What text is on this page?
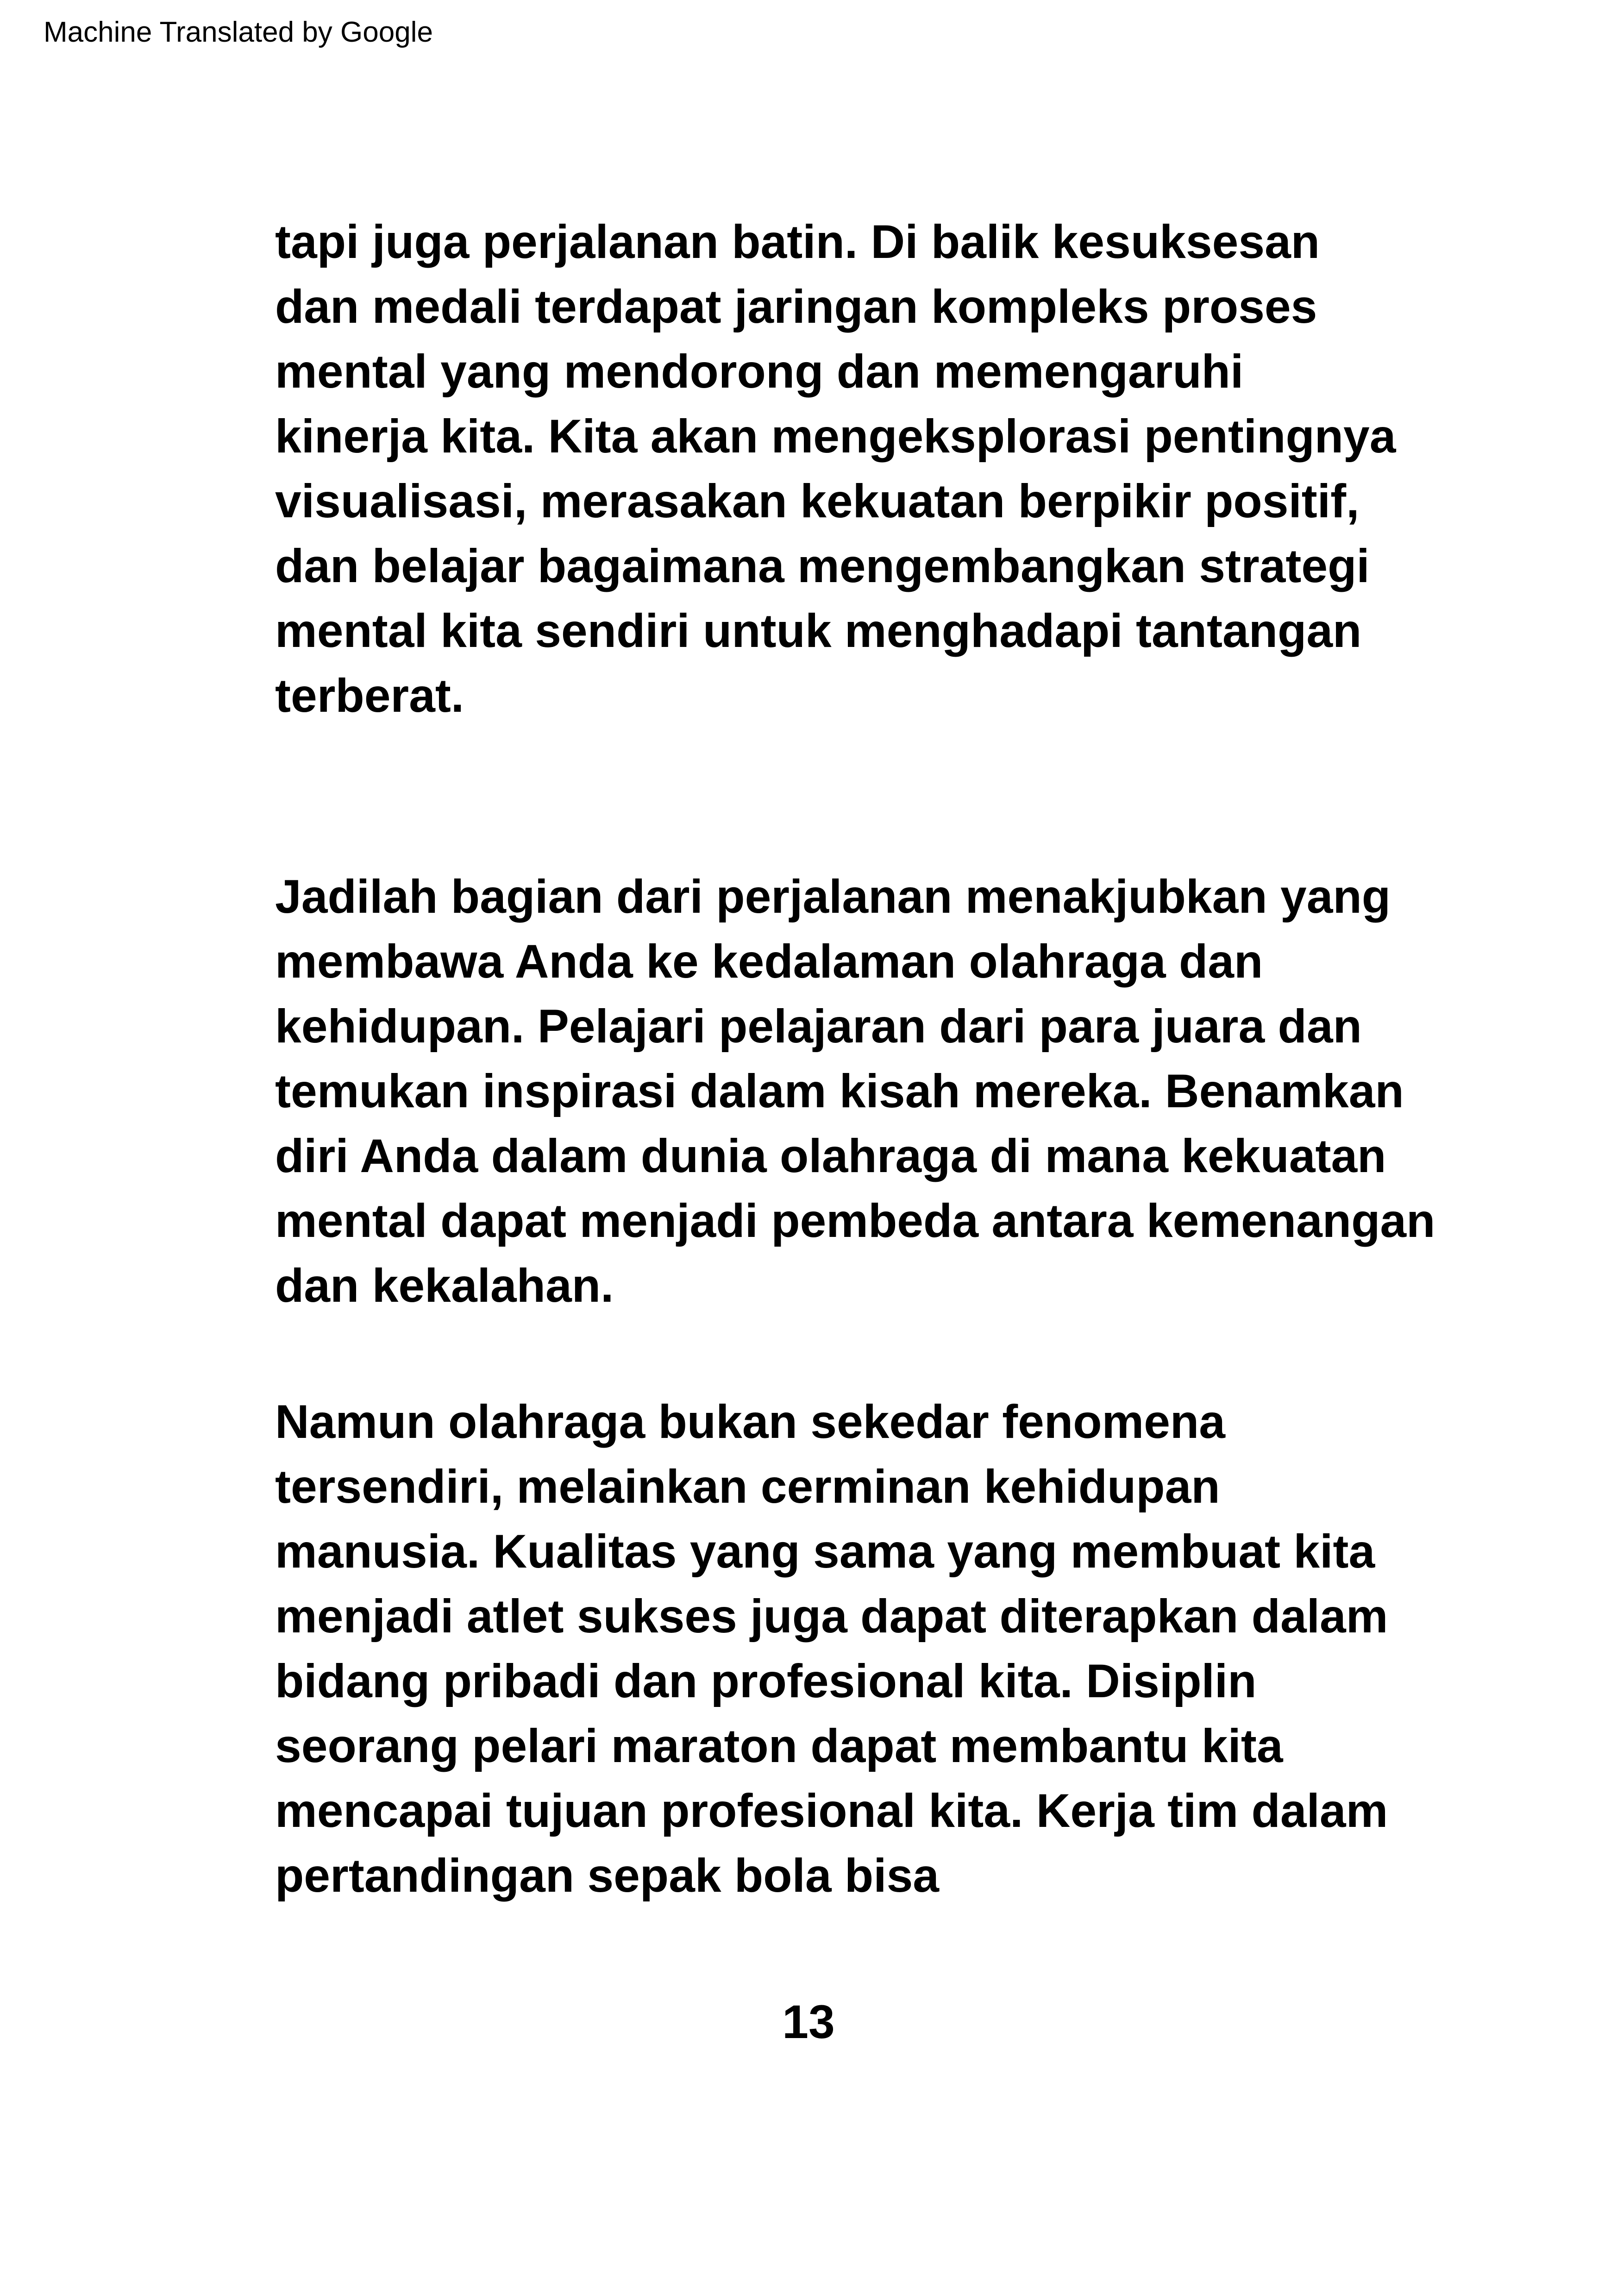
Machine Translated by Google
tapi juga perjalanan batin. Di balik kesuksesan
dan medali terdapat jaringan kompleks proses
mental yang mendorong dan memengaruhi
kinerja kita. Kita akan mengeksplorasi pentingnya
visualisasi, merasakan kekuatan berpikir positif,
dan belajar bagaimana mengembangkan strategi
mental kita sendiri untuk menghadapi tantangan
terberat.
Jadilah bagian dari perjalanan menakjubkan yang
membawa Anda ke kedalaman olahraga dan
kehidupan. Pelajari pelajaran dari para juara dan
temukan inspirasi dalam kisah mereka. Benamkan
diri Anda dalam dunia olahraga di mana kekuatan
mental dapat menjadi pembeda antara kemenangan
dan kekalahan.
Namun olahraga bukan sekedar fenomena
tersendiri, melainkan cerminan kehidupan
manusia. Kualitas yang sama yang membuat kita
menjadi atlet sukses juga dapat diterapkan dalam
bidang pribadi dan profesional kita. Disiplin
seorang pelari maraton dapat membantu kita
mencapai tujuan profesional kita. Kerja tim dalam
pertandingan sepak bola bisa
13
